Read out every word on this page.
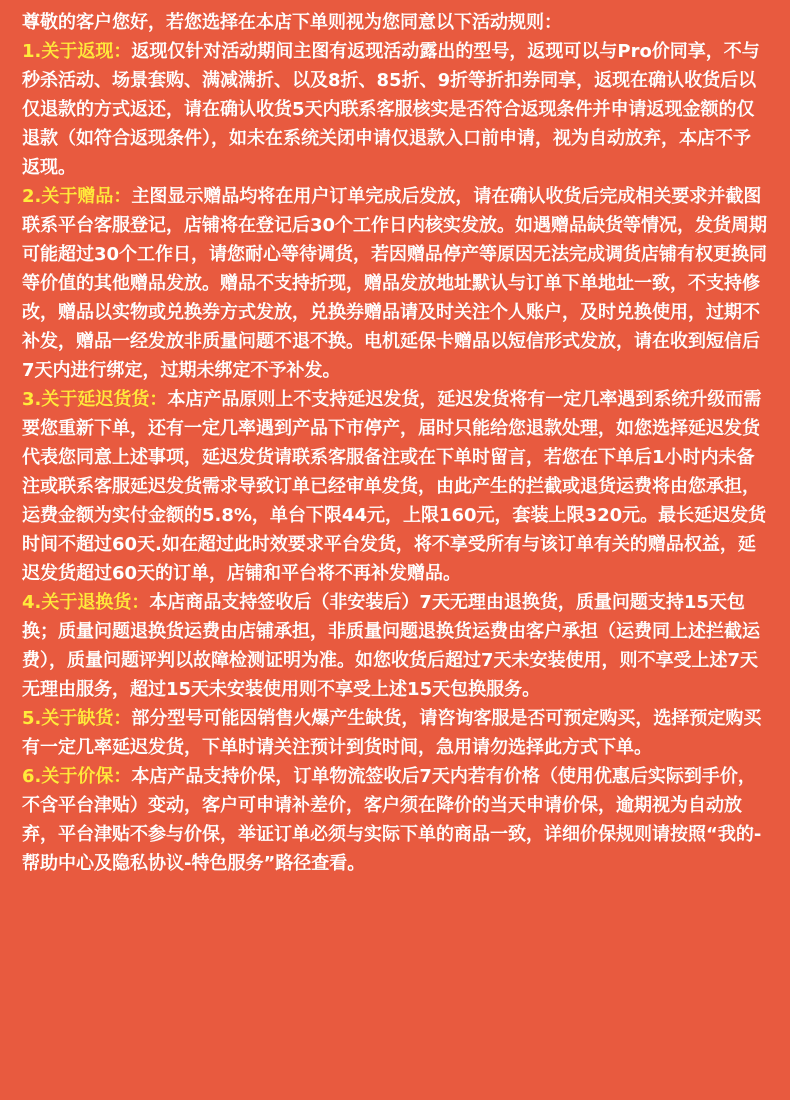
尊敬的客户您好，若您选择在本店下单则视为您同意以下活动规则：

1.关于返现：返现仅针对活动期间主图有返现活动露出的型号，返现可以与Pro价同享，不与秒杀活动、场景套购、满减满折、以及8折、85折、9折等折扣券同享，返现在确认收货后以仅退款的方式返还，请在确认收货5天内联系客服核实是否符合返现条件并申请返现金额的仅退款（如符合返现条件），如未在系统关闭申请仅退款入口前申请，视为自动放弃，本店不予返现。

2.关于赠品：主图显示赠品均将在用户订单完成后发放，请在确认收货后完成相关要求并截图联系平台客服登记，店铺将在登记后30个工作日内核实发放。如遇赠品缺货等情况，发货周期可能超过30个工作日，请您耐心等待调货，若因赠品停产等原因无法完成调货店铺有权更换同等价值的其他赠品发放。赠品不支持折现，赠品发放地址默认与订单下单地址一致，不支持修改，赠品以实物或兑换券方式发放，兑换券赠品请及时关注个人账户，及时兑换使用，过期不补发，赠品一经发放非质量问题不退不换。电机延保卡赠品以短信形式发放，请在收到短信后7天内进行绑定，过期未绑定不予补发。

3.关于延迟货货：本店产品原则上不支持延迟发货，延迟发货将有一定几率遇到系统升级而需要您重新下单，还有一定几率遇到产品下市停产，届时只能给您退款处理，如您选择延迟发货代表您同意上述事项，延迟发货请联系客服备注或在下单时留言，若您在下单后1小时内未备注或联系客服延迟发货需求导致订单已经审单发货，由此产生的拦截或退货运费将由您承担，运费金额为实付金额的5.8%，单台下限44元，上限160元，套装上限320元。最长延迟发货时间不超过60天.如在超过此时效要求平台发货，将不享受所有与该订单有关的赠品权益，延迟发货超过60天的订单，店铺和平台将不再补发赠品。

4.关于退换货：本店商品支持签收后（非安装后）7天无理由退换货，质量问题支持15天包换；质量问题退换货运费由店铺承担，非质量问题退换货运费由客户承担（运费同上述拦截运费），质量问题评判以故障检测证明为准。如您收货后超过7天未安装使用，则不享受上述7天无理由服务，超过15天未安装使用则不享受上述15天包换服务。

5.关于缺货：部分型号可能因销售火爆产生缺货，请咨询客服是否可预定购买，选择预定购买有一定几率延迟发货，下单时请关注预计到货时间，急用请勿选择此方式下单。

6.关于价保：本店产品支持价保，订单物流签收后7天内若有价格（使用优惠后实际到手价，不含平台津贴）变动，客户可申请补差价，客户须在降价的当天申请价保，逾期视为自动放弃，平台津贴不参与价保，举证订单必须与实际下单的商品一致，详细价保规则请按照“我的-帮助中心及隐私协议-特色服务”路径查看。
